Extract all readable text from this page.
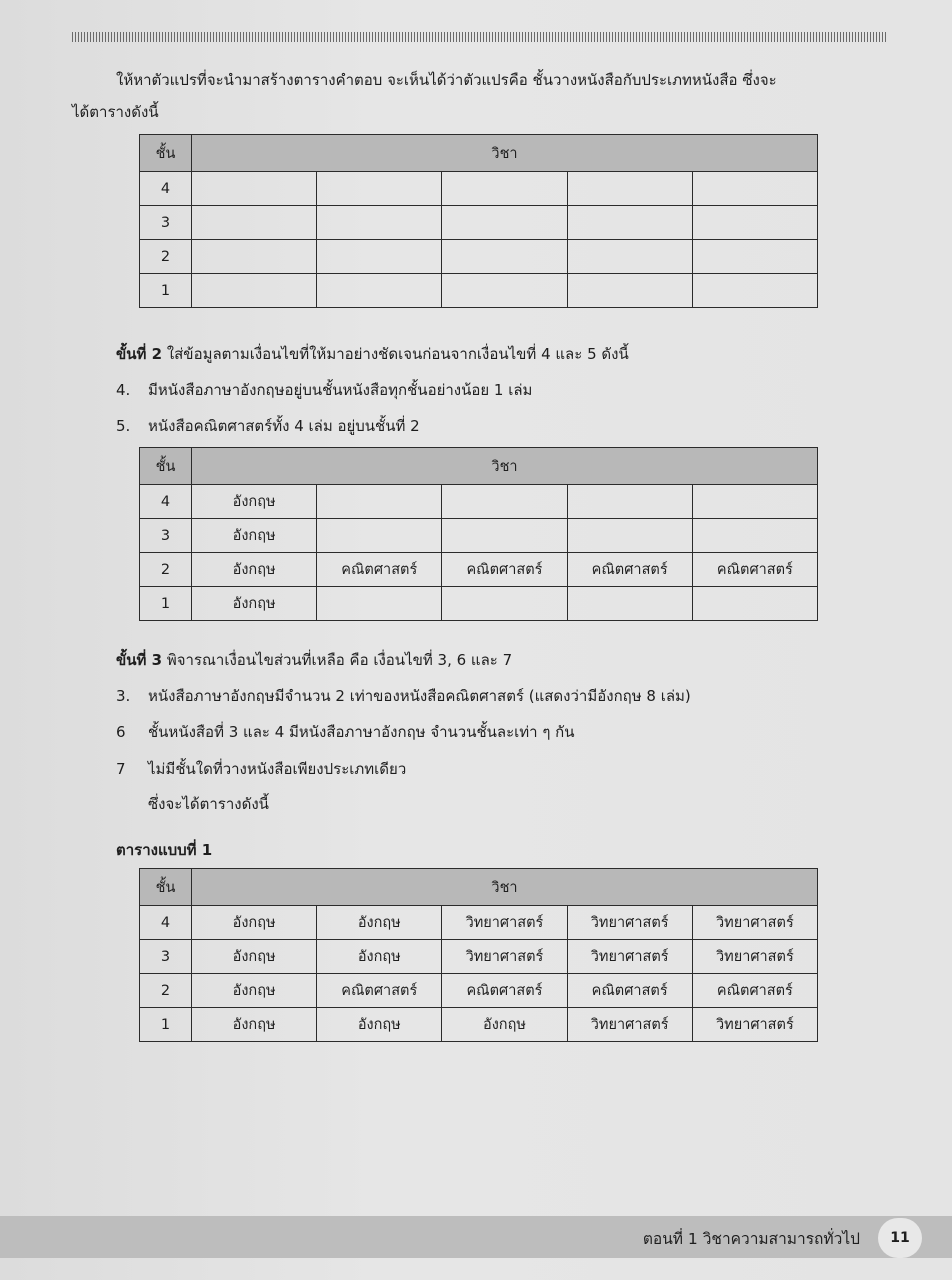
ให้หาตัวแปรที่จะนำมาสร้างตารางคำตอบ จะเห็นได้ว่าตัวแปรคือ ชั้นวางหนังสือกับประเภทหนังสือ ซึ่งจะ

ได้ตารางดังนี้

ชั้น	วิชา				
4					
3					
2					
1					

ขั้นที่ 2 ใส่ข้อมูลตามเงื่อนไขที่ให้มาอย่างชัดเจนก่อนจากเงื่อนไขที่ 4 และ 5 ดังนี้

4. มีหนังสือภาษาอังกฤษอยู่บนชั้นหนังสือทุกชั้นอย่างน้อย 1 เล่ม

5. หนังสือคณิตศาสตร์ทั้ง 4 เล่ม อยู่บนชั้นที่ 2

ชั้น	วิชา				
4	อังกฤษ				
3	อังกฤษ				
2	อังกฤษ	คณิตศาสตร์	คณิตศาสตร์	คณิตศาสตร์	คณิตศาสตร์
1	อังกฤษ				

ขั้นที่ 3 พิจารณาเงื่อนไขส่วนที่เหลือ คือ เงื่อนไขที่ 3, 6 และ 7

3. หนังสือภาษาอังกฤษมีจำนวน 2 เท่าของหนังสือคณิตศาสตร์ (แสดงว่ามีอังกฤษ 8 เล่ม)

6 ชั้นหนังสือที่ 3 และ 4 มีหนังสือภาษาอังกฤษ จำนวนชั้นละเท่า ๆ กัน

7 ไม่มีชั้นใดที่วางหนังสือเพียงประเภทเดียว

ซึ่งจะได้ตารางดังนี้

ตารางแบบที่ 1

ชั้น	วิชา				
4	อังกฤษ	อังกฤษ	วิทยาศาสตร์	วิทยาศาสตร์	วิทยาศาสตร์
3	อังกฤษ	อังกฤษ	วิทยาศาสตร์	วิทยาศาสตร์	วิทยาศาสตร์
2	อังกฤษ	คณิตศาสตร์	คณิตศาสตร์	คณิตศาสตร์	คณิตศาสตร์
1	อังกฤษ	อังกฤษ	อังกฤษ	วิทยาศาสตร์	วิทยาศาสตร์
ตอนที่ 1 วิชาความสามารถทั่วไป	11
